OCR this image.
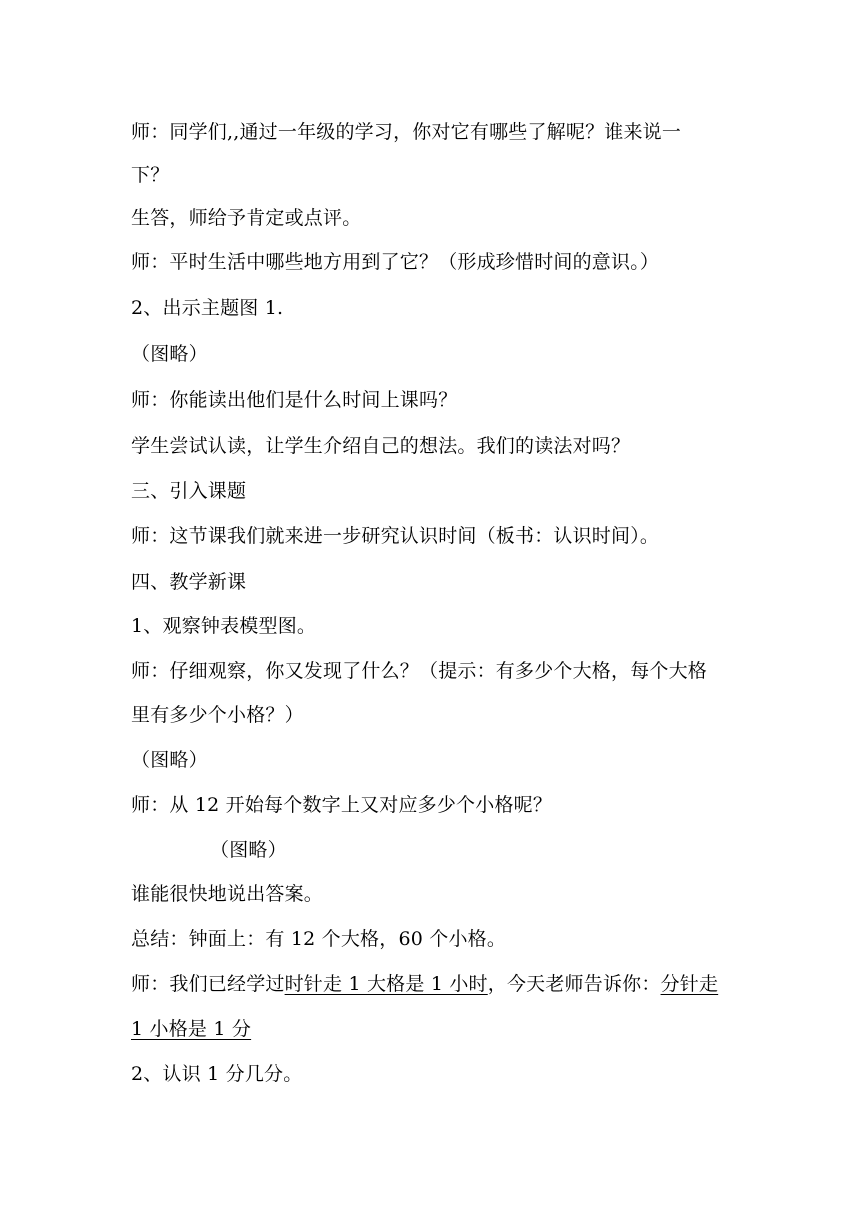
师：同学们,,通过一年级的学习，你对它有哪些了解呢？谁来说一
下？
生答，师给予肯定或点评。
师：平时生活中哪些地方用到了它？（形成珍惜时间的意识。）
2、出示主题图 1.
（图略）
师：你能读出他们是什么时间上课吗？
学生尝试认读，让学生介绍自己的想法。我们的读法对吗？
三、引入课题
师：这节课我们就来进一步研究认识时间（板书：认识时间）。
四、教学新课
1、观察钟表模型图。
师：仔细观察，你又发现了什么？（提示：有多少个大格，每个大格
里有多少个小格？）
（图略）
师：从 12 开始每个数字上又对应多少个小格呢？
（图略）
谁能很快地说出答案。
总结：钟面上：有 12 个大格，60 个小格。
师：我们已经学过时针走 1 大格是 1 小时，今天老师告诉你：分针走
1 小格是 1 分
2、认识 1 分几分。
